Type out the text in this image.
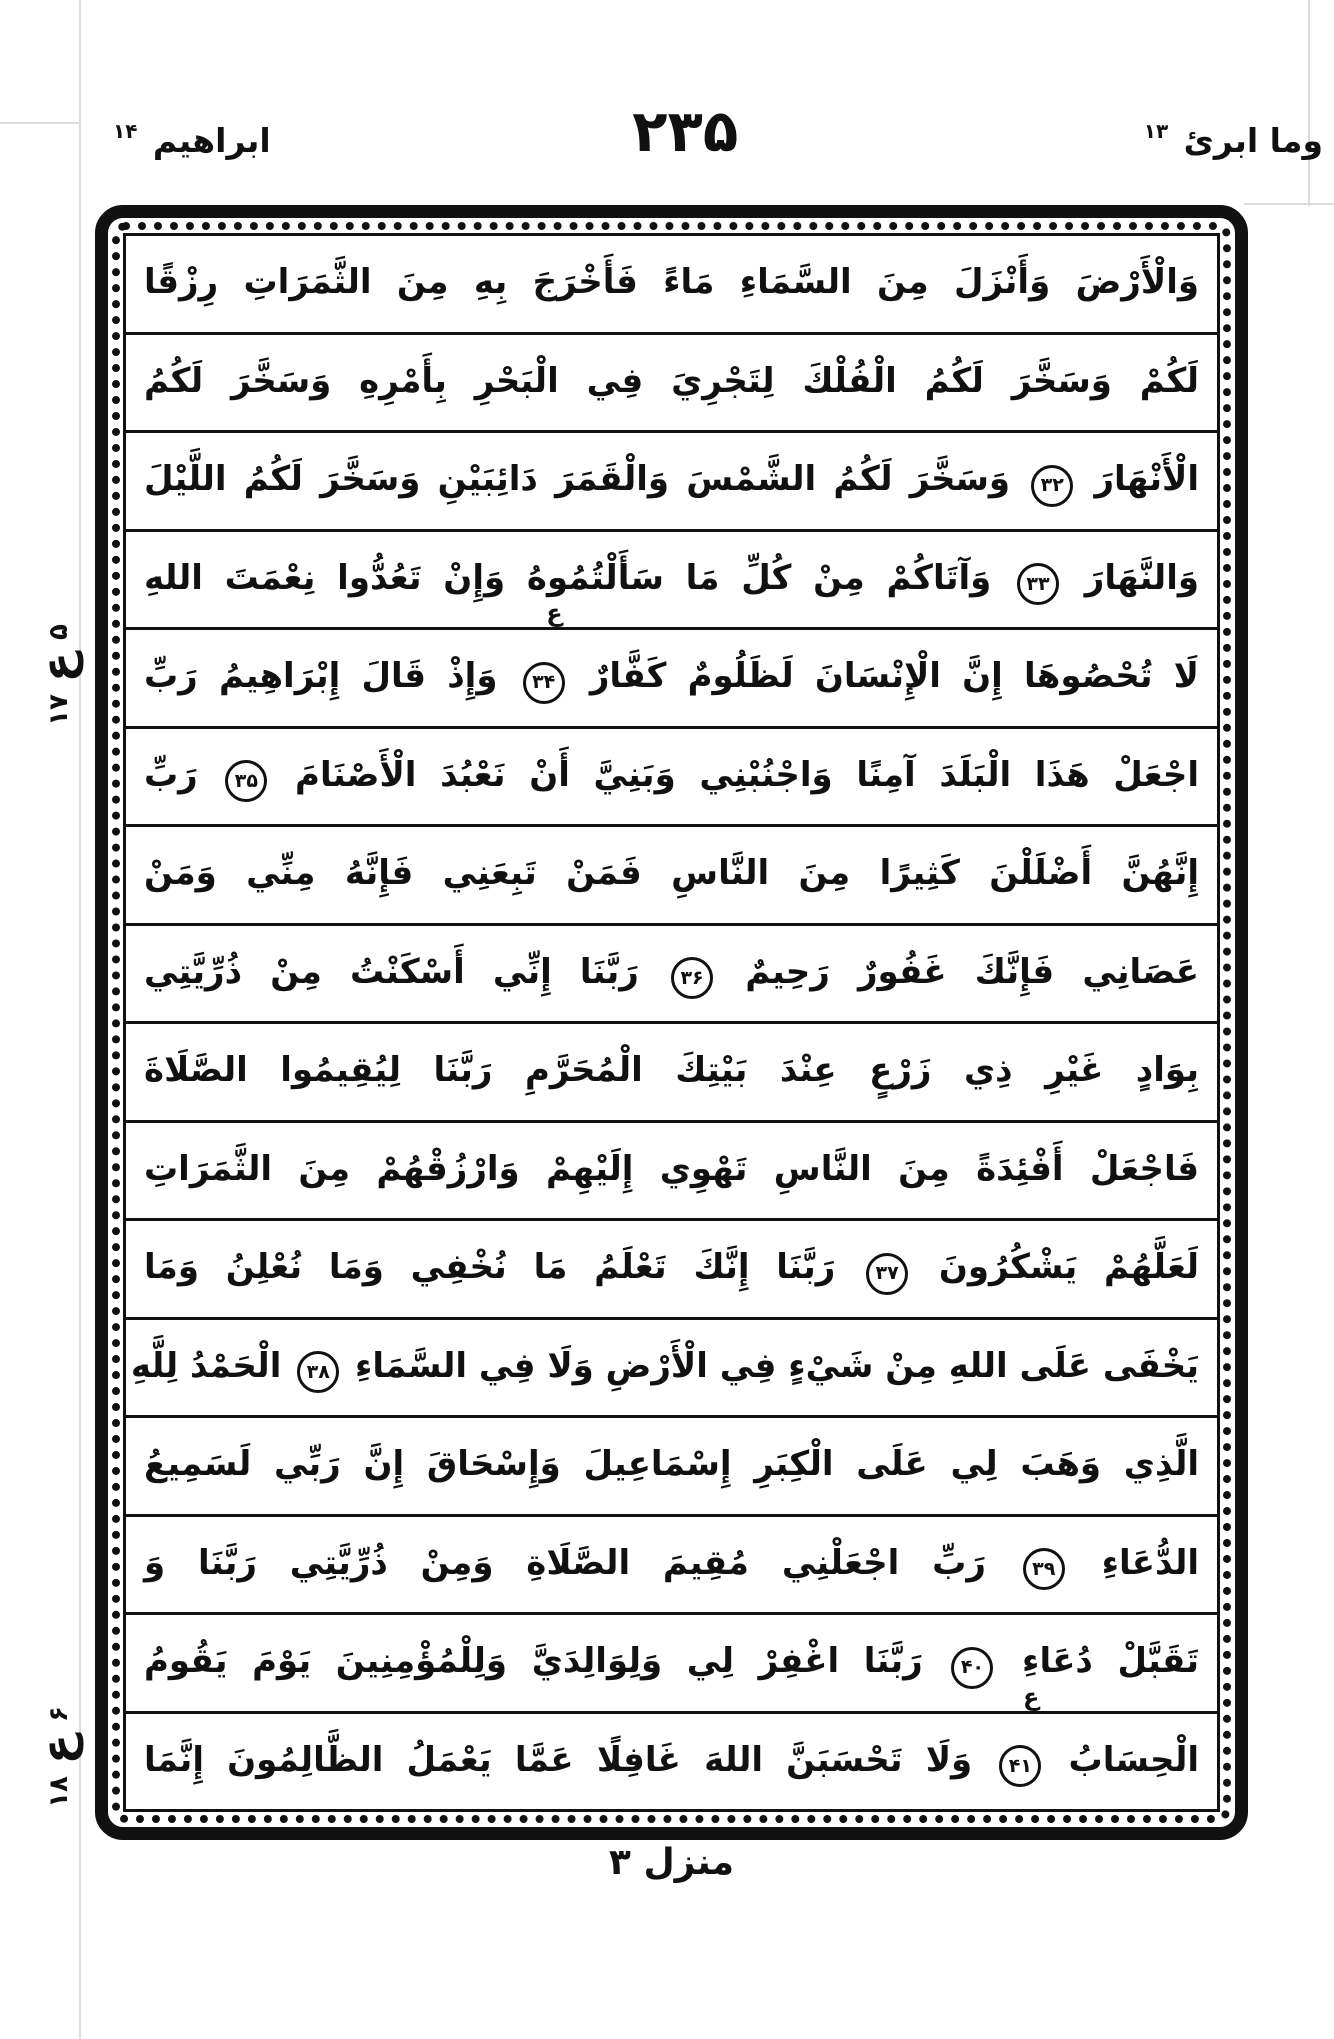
ابراهيم $^{۱۴}$	۲۳۵	وما ابرئ $^{۱۳}$
وَالْأَرْضَ وَأَنْزَلَ مِنَ السَّمَاءِ مَاءً فَأَخْرَجَ بِهِ مِنَ الثَّمَرَاتِ رِزْقًا
لَكُمْ وَسَخَّرَ لَكُمُ الْفُلْكَ لِتَجْرِيَ فِي الْبَحْرِ بِأَمْرِهِ وَسَخَّرَ لَكُمُ
الْأَنْهَارَ ۳۲ وَسَخَّرَ لَكُمُ الشَّمْسَ وَالْقَمَرَ دَائِبَيْنِ وَسَخَّرَ لَكُمُ اللَّيْلَ
وَالنَّهَارَ ۳۳ وَآتَاكُمْ مِنْ كُلِّ مَا سَأَلْتُمُوهُ وَإِنْ تَعُدُّوا نِعْمَتَ اللهِ
لَا تُحْصُوهَا إِنَّ الْإِنْسَانَ لَظَلُومٌ كَفَّارٌ ۳۴
ع
وَإِذْ قَالَ إِبْرَاهِيمُ رَبِّ
اجْعَلْ هَذَا الْبَلَدَ آمِنًا وَاجْنُبْنِي وَبَنِيَّ أَنْ نَعْبُدَ الْأَصْنَامَ ۳۵ رَبِّ
إِنَّهُنَّ أَضْلَلْنَ كَثِيرًا مِنَ النَّاسِ فَمَنْ تَبِعَنِي فَإِنَّهُ مِنِّي وَمَنْ
عَصَانِي فَإِنَّكَ غَفُورٌ رَحِيمٌ ۳۶ رَبَّنَا إِنِّي أَسْكَنْتُ مِنْ ذُرِّيَّتِي
بِوَادٍ غَيْرِ ذِي زَرْعٍ عِنْدَ بَيْتِكَ الْمُحَرَّمِ رَبَّنَا لِيُقِيمُوا الصَّلَاةَ
فَاجْعَلْ أَفْئِدَةً مِنَ النَّاسِ تَهْوِي إِلَيْهِمْ وَارْزُقْهُمْ مِنَ الثَّمَرَاتِ
لَعَلَّهُمْ يَشْكُرُونَ ۳۷ رَبَّنَا إِنَّكَ تَعْلَمُ مَا نُخْفِي وَمَا نُعْلِنُ وَمَا
يَخْفَى عَلَى اللهِ مِنْ شَيْءٍ فِي الْأَرْضِ وَلَا فِي السَّمَاءِ ۳۸ الْحَمْدُ لِلَّهِ
الَّذِي وَهَبَ لِي عَلَى الْكِبَرِ إِسْمَاعِيلَ وَإِسْحَاقَ إِنَّ رَبِّي لَسَمِيعُ
الدُّعَاءِ ۳۹ رَبِّ اجْعَلْنِي مُقِيمَ الصَّلَاةِ وَمِنْ ذُرِّيَّتِي رَبَّنَا وَ
تَقَبَّلْ دُعَاءِ ۴۰ رَبَّنَا اغْفِرْ لِي وَلِوَالِدَيَّ وَلِلْمُؤْمِنِينَ يَوْمَ يَقُومُ
الْحِسَابُ ۴۱
ع
وَلَا تَحْسَبَنَّ اللهَ غَافِلًا عَمَّا يَعْمَلُ الظَّالِمُونَ إِنَّمَا
۵
ع
۱۷
۶
ع
۱۸
منزل ۳
